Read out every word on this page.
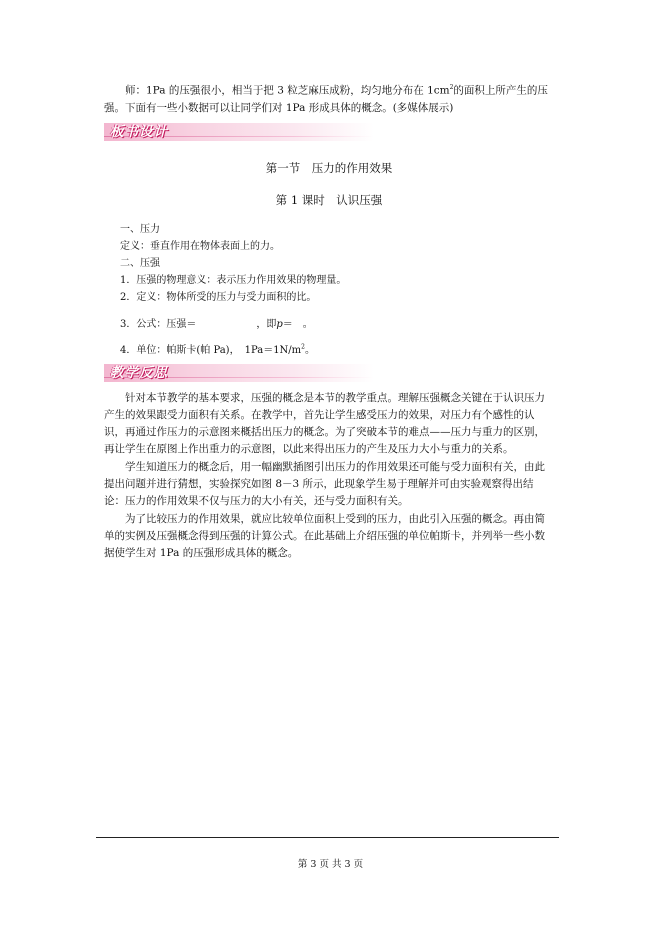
师：1Pa 的压强很小，相当于把 3 粒芝麻压成粉，均匀地分布在 $1cm^2$的面积上所产生的压强。下面有一些小数据可以让同学们对 1Pa 形成具体的概念。(多媒体展示)

板书设计
第一节　压力的作用效果
第 1 课时　认识压强
一、压力
定义：垂直作用在物体表面上的力。
二、压强
1．压强的物理意义：表示压力作用效果的物理量。
2．定义：物体所受的压力与受力面积的比。
3．公式：压强＝	，即p＝　。
4．单位：帕斯卡(帕 Pa)，　$1Pa=1N/m^2$。
教学反思

针对本节教学的基本要求，压强的概念是本节的教学重点。理解压强概念关键在于认识压力产生的效果跟受力面积有关系。在教学中，首先让学生感受压力的效果，对压力有个感性的认识，再通过作压力的示意图来概括出压力的概念。为了突破本节的难点——压力与重力的区别，再让学生在原图上作出重力的示意图，以此来得出压力的产生及压力大小与重力的关系。

学生知道压力的概念后，用一幅幽默插图引出压力的作用效果还可能与受力面积有关，由此提出问题并进行猜想，实验探究如图 8－3 所示，此现象学生易于理解并可由实验观察得出结论：压力的作用效果不仅与压力的大小有关，还与受力面积有关。

为了比较压力的作用效果，就应比较单位面积上受到的压力，由此引入压强的概念。再由简单的实例及压强概念得到压强的计算公式。在此基础上介绍压强的单位帕斯卡，并列举一些小数据使学生对 1Pa 的压强形成具体的概念。

第 3 页 共 3 页
